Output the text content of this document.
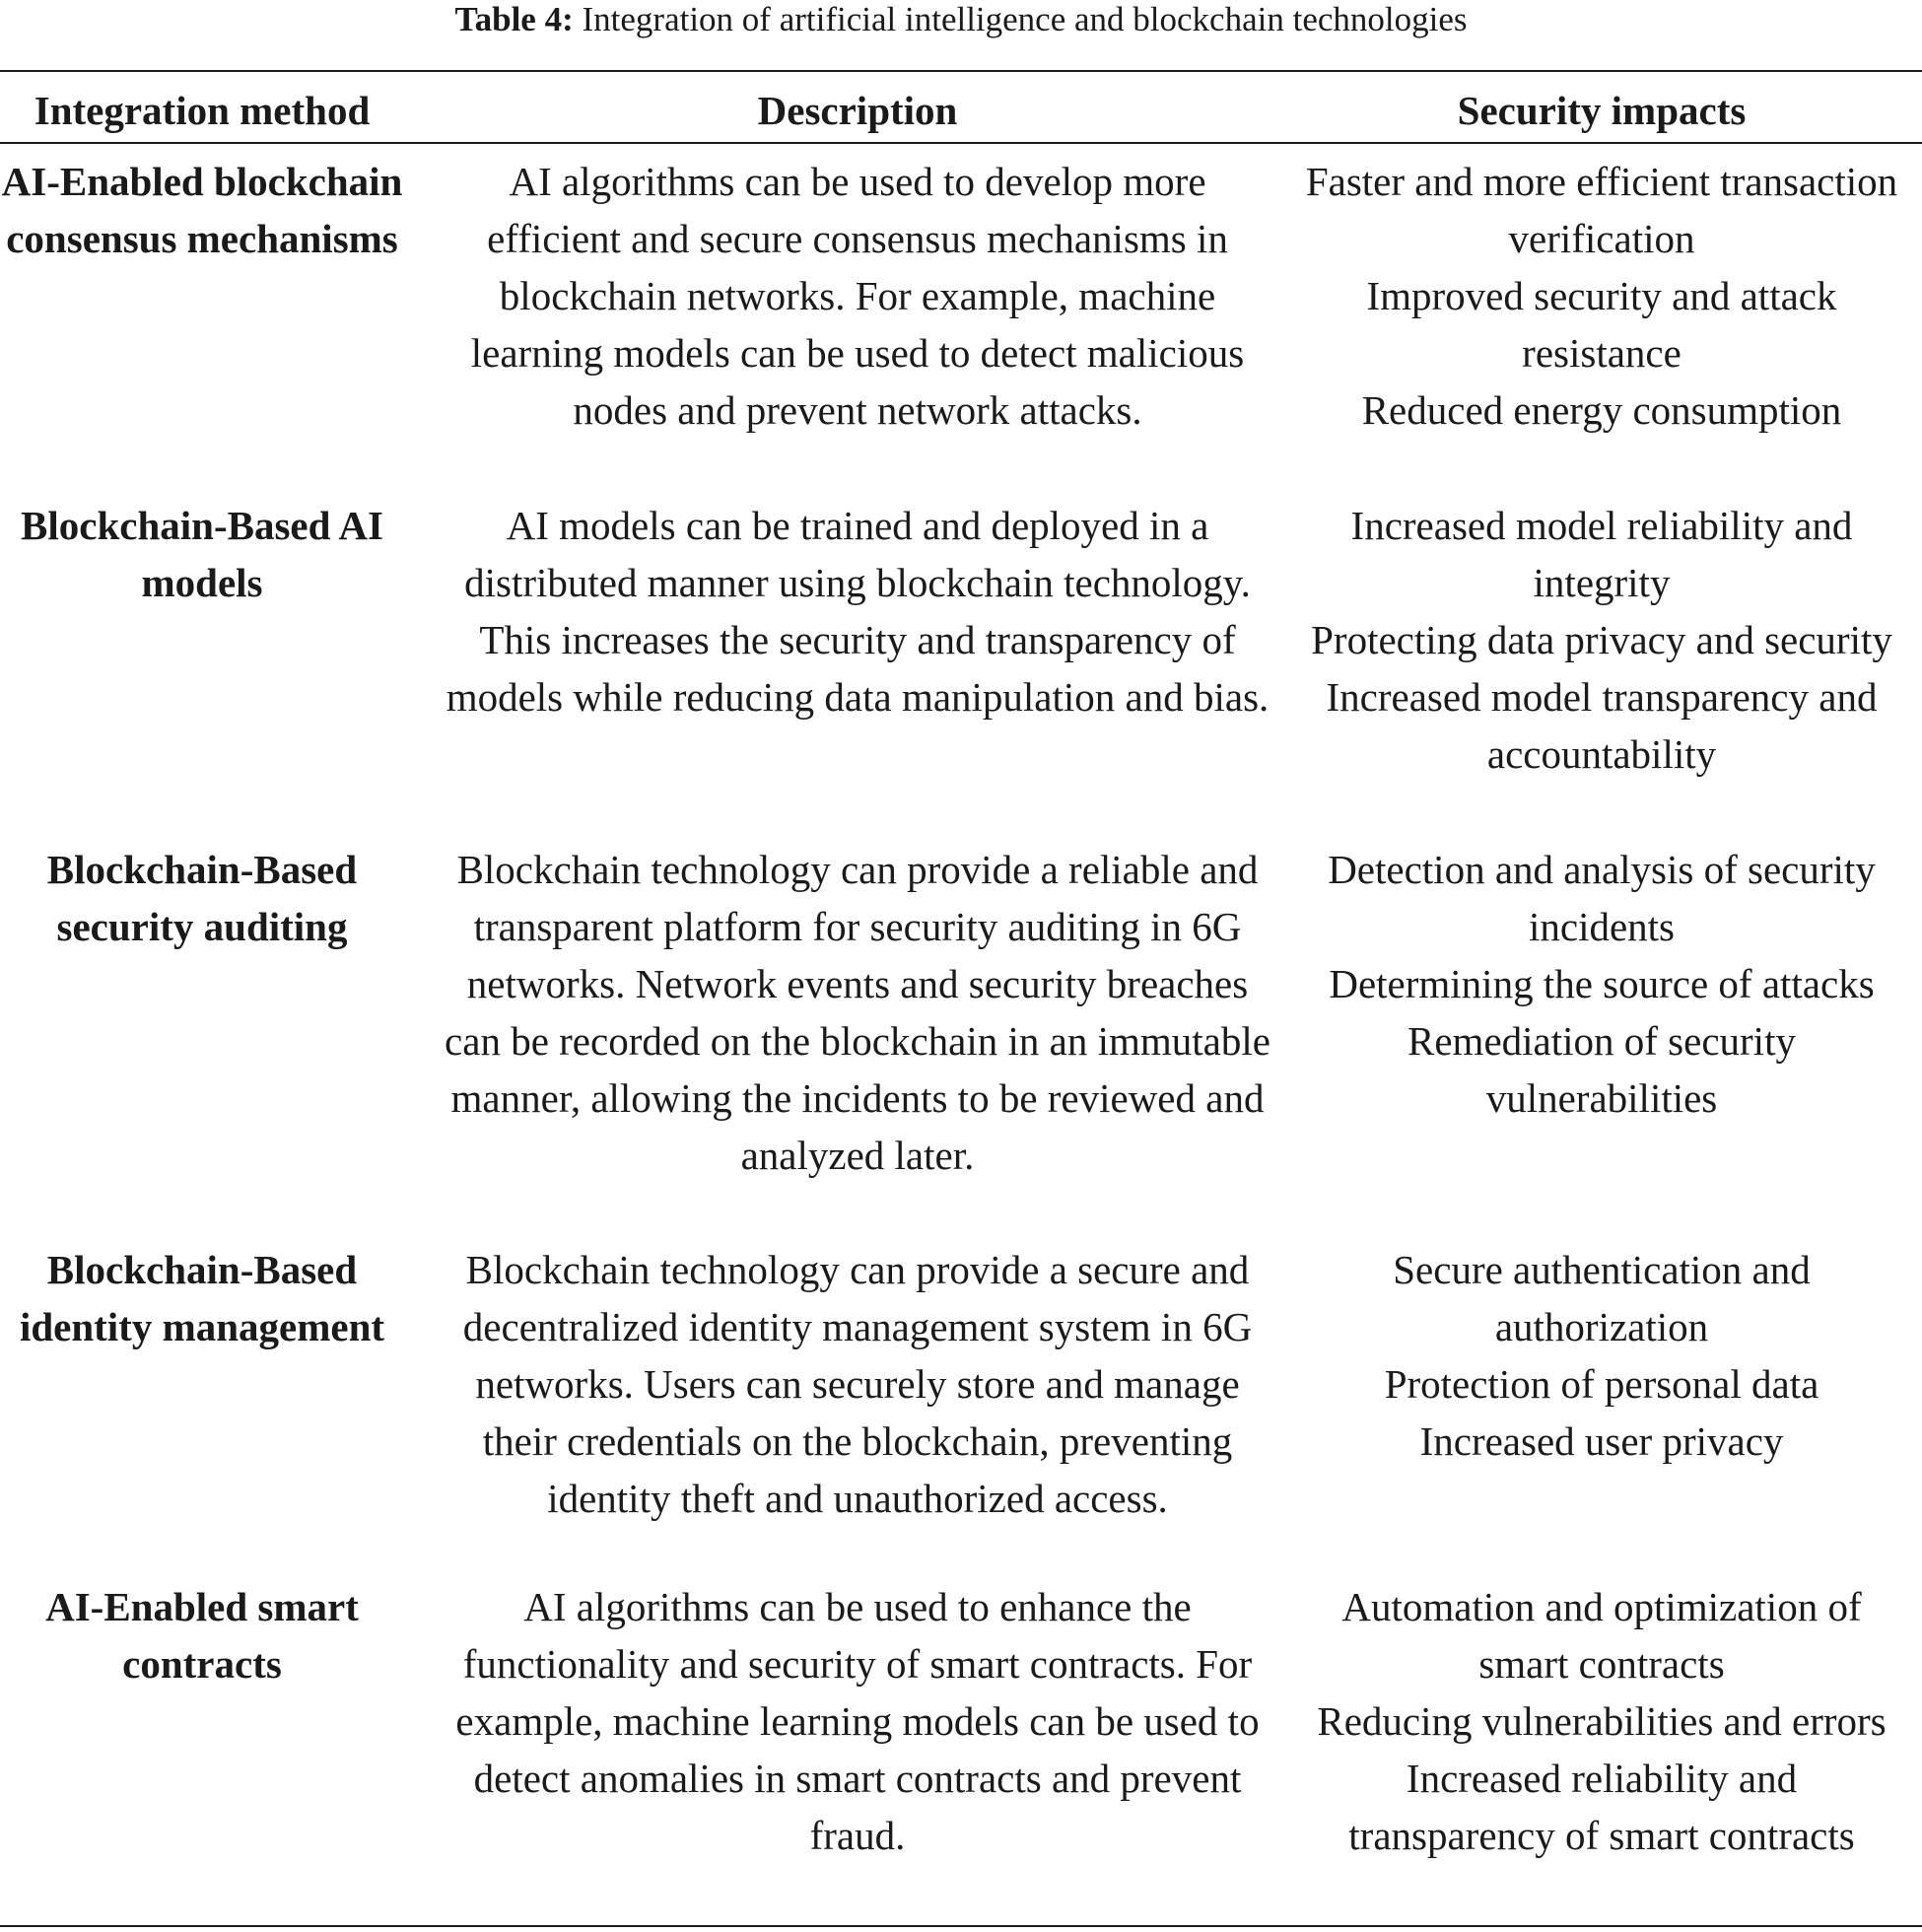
Table 4: Integration of artificial intelligence and blockchain technologies
Integration method	Description	Security impacts
AI-Enabled blockchain consensus mechanisms
AI algorithms can be used to develop more efficient and secure consensus mechanisms in blockchain networks. For example, machine learning models can be used to detect malicious nodes and prevent network attacks.
Faster and more efficient transaction verification
Improved security and attack resistance
Reduced energy consumption
Blockchain-Based AI models
AI models can be trained and deployed in a distributed manner using blockchain technology. This increases the security and transparency of models while reducing data manipulation and bias.
Increased model reliability and integrity
Protecting data privacy and security
Increased model transparency and accountability
Blockchain-Based security auditing
Blockchain technology can provide a reliable and transparent platform for security auditing in 6G networks. Network events and security breaches can be recorded on the blockchain in an immutable manner, allowing the incidents to be reviewed and analyzed later.
Detection and analysis of security incidents
Determining the source of attacks
Remediation of security vulnerabilities
Blockchain-Based identity management
Blockchain technology can provide a secure and decentralized identity management system in 6G networks. Users can securely store and manage their credentials on the blockchain, preventing identity theft and unauthorized access.
Secure authentication and authorization
Protection of personal data
Increased user privacy
AI-Enabled smart contracts
AI algorithms can be used to enhance the functionality and security of smart contracts. For example, machine learning models can be used to detect anomalies in smart contracts and prevent fraud.
Automation and optimization of smart contracts
Reducing vulnerabilities and errors
Increased reliability and transparency of smart contracts
